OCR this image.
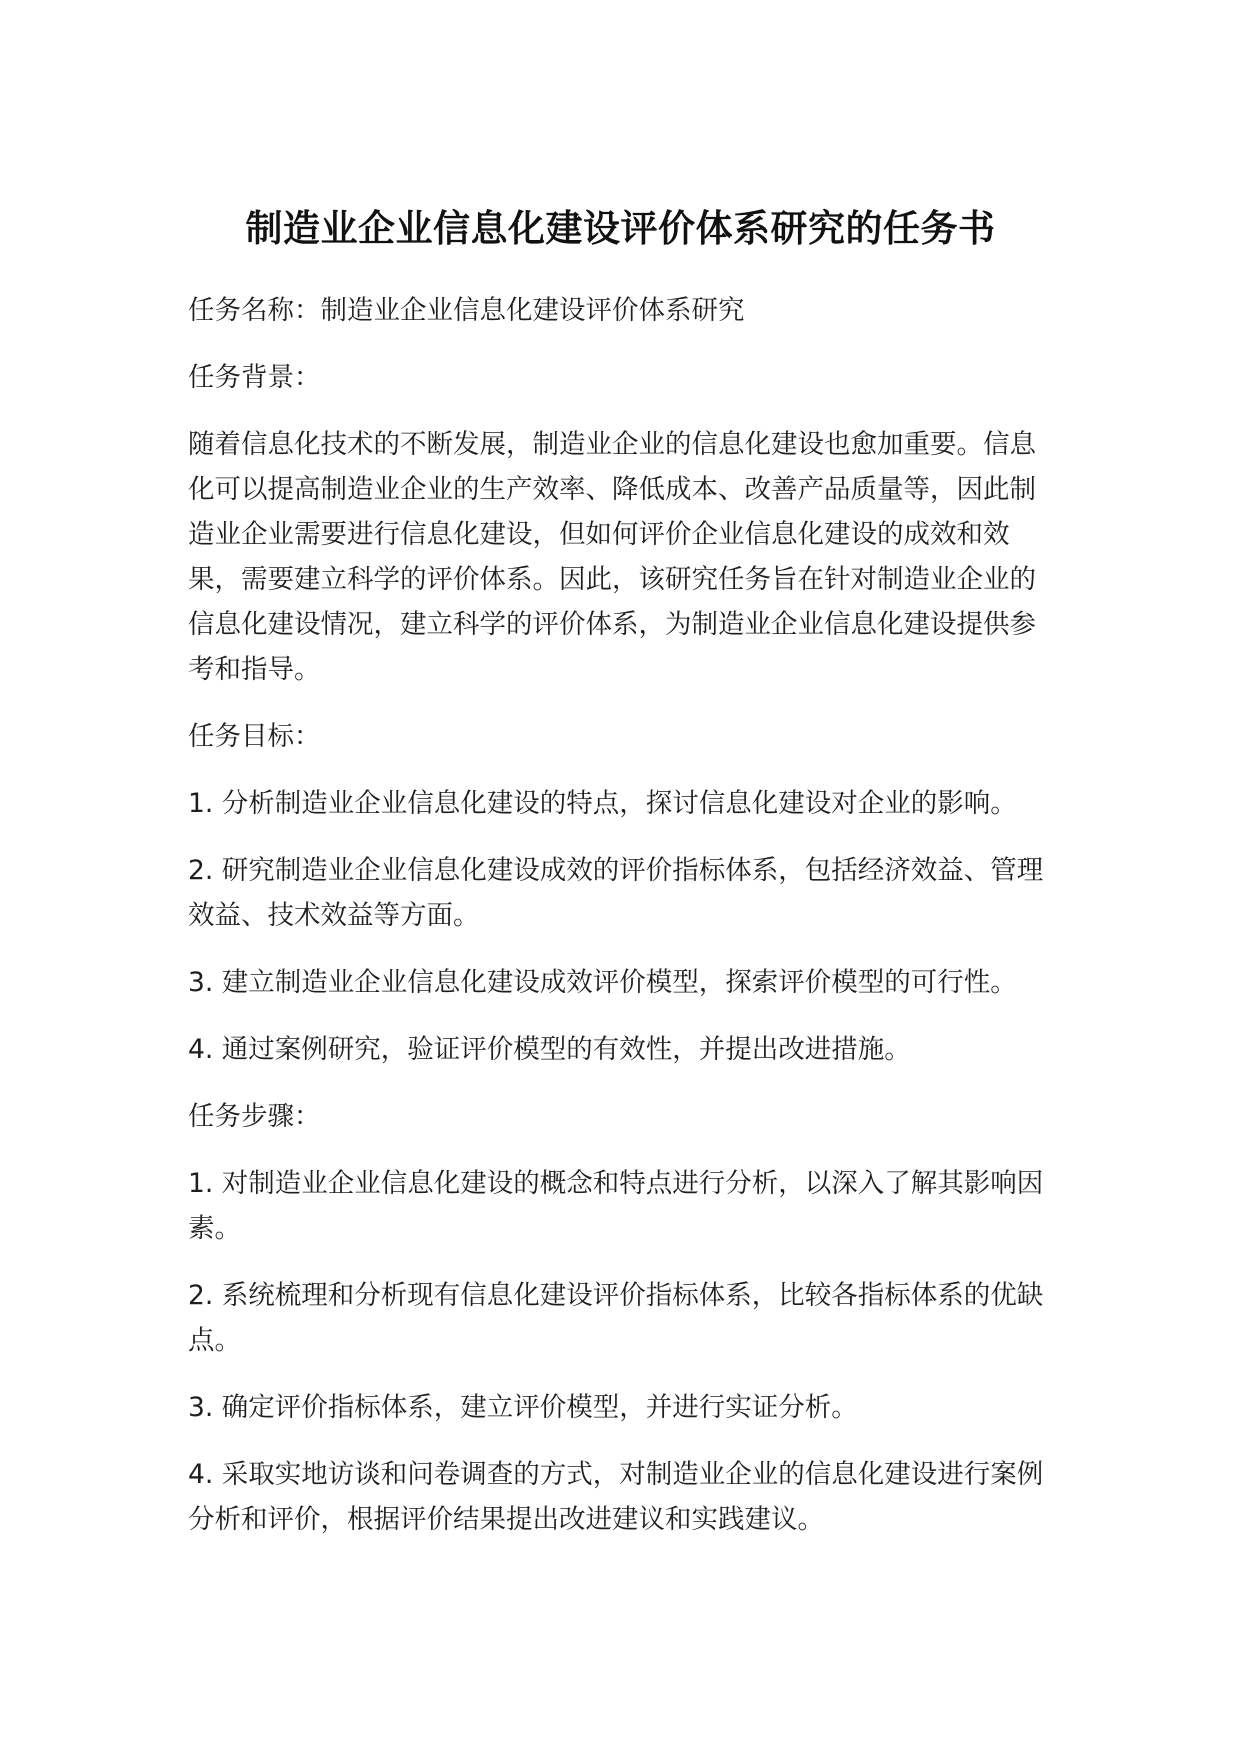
制造业企业信息化建设评价体系研究的任务书

任务名称：制造业企业信息化建设评价体系研究

任务背景：

随着信息化技术的不断发展，制造业企业的信息化建设也愈加重要。信息化可以提高制造业企业的生产效率、降低成本、改善产品质量等，因此制造业企业需要进行信息化建设，但如何评价企业信息化建设的成效和效果，需要建立科学的评价体系。因此，该研究任务旨在针对制造业企业的信息化建设情况，建立科学的评价体系，为制造业企业信息化建设提供参考和指导。

任务目标：

1. 分析制造业企业信息化建设的特点，探讨信息化建设对企业的影响。

2. 研究制造业企业信息化建设成效的评价指标体系，包括经济效益、管理效益、技术效益等方面。

3. 建立制造业企业信息化建设成效评价模型，探索评价模型的可行性。

4. 通过案例研究，验证评价模型的有效性，并提出改进措施。

任务步骤：

1. 对制造业企业信息化建设的概念和特点进行分析，以深入了解其影响因素。

2. 系统梳理和分析现有信息化建设评价指标体系，比较各指标体系的优缺点。

3. 确定评价指标体系，建立评价模型，并进行实证分析。

4. 采取实地访谈和问卷调查的方式，对制造业企业的信息化建设进行案例分析和评价，根据评价结果提出改进建议和实践建议。
